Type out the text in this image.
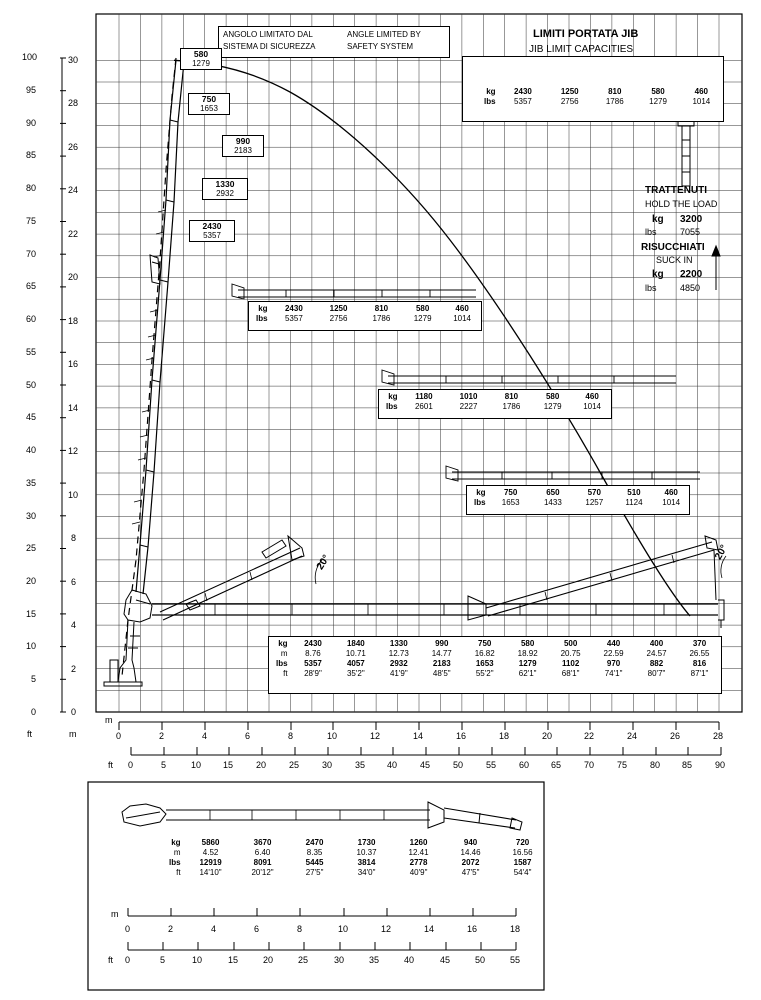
100
95
90
85
80
75
70
65
60
55
50
45
40
35
30
25
20
15
10
5
0
ft
30
28
26
24
22
20
18
16
14
12
10
8
6
4
2
0
m
m
0	2	4	6	8	10	12	14	16	18	20	22	24	26	28
ft 0	5	10 15	20	25	30	35 40	45	50	55	60 65	70	75	80 85	90
ANGOLO LIMITATO DAL
SISTEMA DI SICUREZZA
ANGLE LIMITED BY
SAFETY SYSTEM
LIMITI PORTATA JIB
JIB LIMIT CAPACITIES
kg	2430	1250	810	580	460
lbs	5357	2756	1786	1279	1014
TRATTENUTI
HOLD THE LOAD
kg 3200
lbs	7055
RISUCCHIATI
SUCK IN
kg 2200
lbs	4850
580
1279
750
1653
990
2183
1330
2932
2430
5357
kg	2430	1250	810	580	460
lbs	5357	2756	1786	1279	1014
kg	1180	1010	810	580	460
lbs	2601	2227	1786	1279	1014
kg	750	650	570	510	460
lbs	1653	1433	1257	1124	1014
kg	2430	1840	1330	990	750	580	500	440	400	370
m	8.76	10.71	12.73	14.77	16.82	18.92	20.75	22.59	24.57	26.55
lbs	5357	4057	2932	2183	1653	1279	1102	970	882	816
ft	28'9"	35'2"	41'9"	48'5"	55'2"	62'1"	68'1"	74'1"	80'7"	87'1"
20°
20°
kg	5860	3670	2470	1730	1260	940	720
m	4.52	6.40	8.35	10.37	12.41	14.46	16.56
lbs	12919	8091	5445	3814	2778	2072	1587
ft	14'10"	20'12"	27'5"	34'0"	40'9"	47'5"	54'4"
m
0	2	4	6	8	10	12	14	16	18
ft 0	5	10	15	20	25	30	35	40	45	50	55
